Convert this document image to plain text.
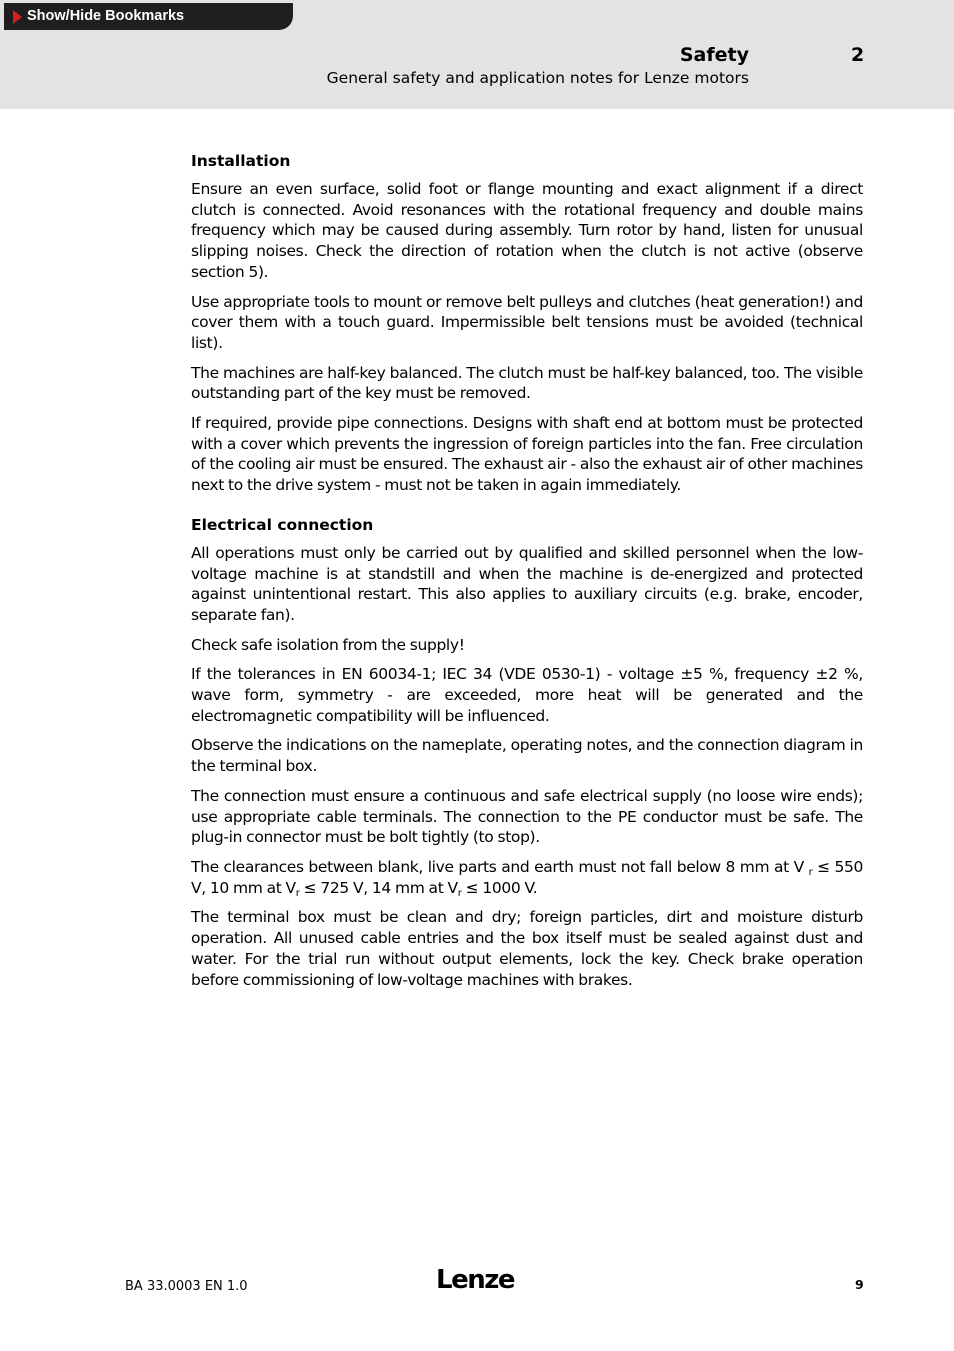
Show/Hide Bookmarks
Safety	2
General safety and application notes for Lenze motors
Installation

Ensure an even surface, solid foot or flange mounting and exact alignment if a direct clutch is connected. Avoid resonances with the rotational frequency and double mains frequency which may be caused during assembly. Turn rotor by hand, listen for unusual slipping noises. Check the direction of rotation when the clutch is not active (observe section 5).

Use appropriate tools to mount or remove belt pulleys and clutches (heat generation!) and cover them with a touch guard. Impermissible belt tensions must be avoided (technical list).

The machines are half-key balanced. The clutch must be half-key balanced, too. The visible outstanding part of the key must be removed.

If required, provide pipe connections. Designs with shaft end at bottom must be protected with a cover which prevents the ingression of foreign particles into the fan. Free circulation of the cooling air must be ensured. The exhaust air - also the exhaust air of other machines next to the drive system - must not be taken in again immediately.

Electrical connection

All operations must only be carried out by qualified and skilled personnel when the low-voltage machine is at standstill and when the machine is de-energized and protected against unintentional restart. This also applies to auxiliary circuits (e.g. brake, encoder, separate fan).

Check safe isolation from the supply!

If the tolerances in EN 60034-1; IEC 34 (VDE 0530-1) - voltage ±5 %, frequency ±2 %, wave form, symmetry - are exceeded, more heat will be generated and the electromagnetic compatibility will be influenced.

Observe the indications on the nameplate, operating notes, and the connection diagram in the terminal box.

The connection must ensure a continuous and safe electrical supply (no loose wire ends); use appropriate cable terminals. The connection to the PE conductor must be safe. The plug-in connector must be bolt tightly (to stop).

The clearances between blank, live parts and earth must not fall below 8 mm at V $_r$ ≤ 550 V, 10 mm at $V_r \le 725$ V, 14 mm at $V_r \le 1000$ V.

The terminal box must be clean and dry; foreign particles, dirt and moisture disturb operation. All unused cable entries and the box itself must be sealed against dust and water. For the trial run without output elements, lock the key. Check brake operation before commissioning of low-voltage machines with brakes.

BA 33.0003 EN 1.0	Lenze	9
